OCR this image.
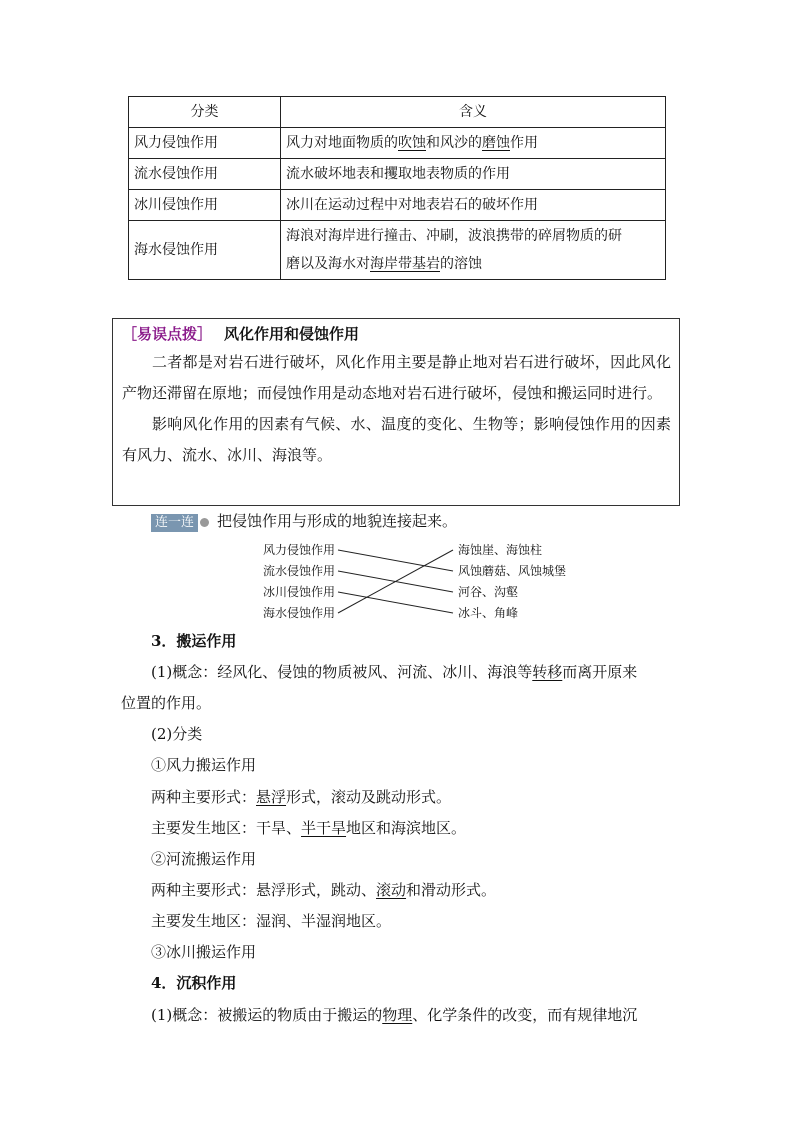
分类	含义
风力侵蚀作用	风力对地面物质的吹蚀和风沙的磨蚀作用
流水侵蚀作用	流水破坏地表和攫取地表物质的作用
冰川侵蚀作用	冰川在运动过程中对地表岩石的破坏作用
海水侵蚀作用	海浪对海岸进行撞击、冲刷，波浪携带的碎屑物质的研
磨以及海水对海岸带基岩的溶蚀
［易误点拨］ 风化作用和侵蚀作用

二者都是对岩石进行破坏，风化作用主要是静止地对岩石进行破坏，因此风化产物还滞留在原地；而侵蚀作用是动态地对岩石进行破坏，侵蚀和搬运同时进行。

影响风化作用的因素有气候、水、温度的变化、生物等；影响侵蚀作用的因素有风力、流水、冰川、海浪等。

连一连 把侵蚀作用与形成的地貌连接起来。
风力侵蚀作用
流水侵蚀作用
冰川侵蚀作用
海水侵蚀作用
海蚀崖、海蚀柱
风蚀蘑菇、风蚀城堡
河谷、沟壑
冰斗、角峰
3．搬运作用
(1)概念：经风化、侵蚀的物质被风、河流、冰川、海浪等转移而离开原来
位置的作用。
(2)分类
①风力搬运作用
两种主要形式：悬浮形式，滚动及跳动形式。
主要发生地区：干旱、半干旱地区和海滨地区。
②河流搬运作用
两种主要形式：悬浮形式，跳动、滚动和滑动形式。
主要发生地区：湿润、半湿润地区。
③冰川搬运作用
4．沉积作用
(1)概念：被搬运的物质由于搬运的物理、化学条件的改变，而有规律地沉
